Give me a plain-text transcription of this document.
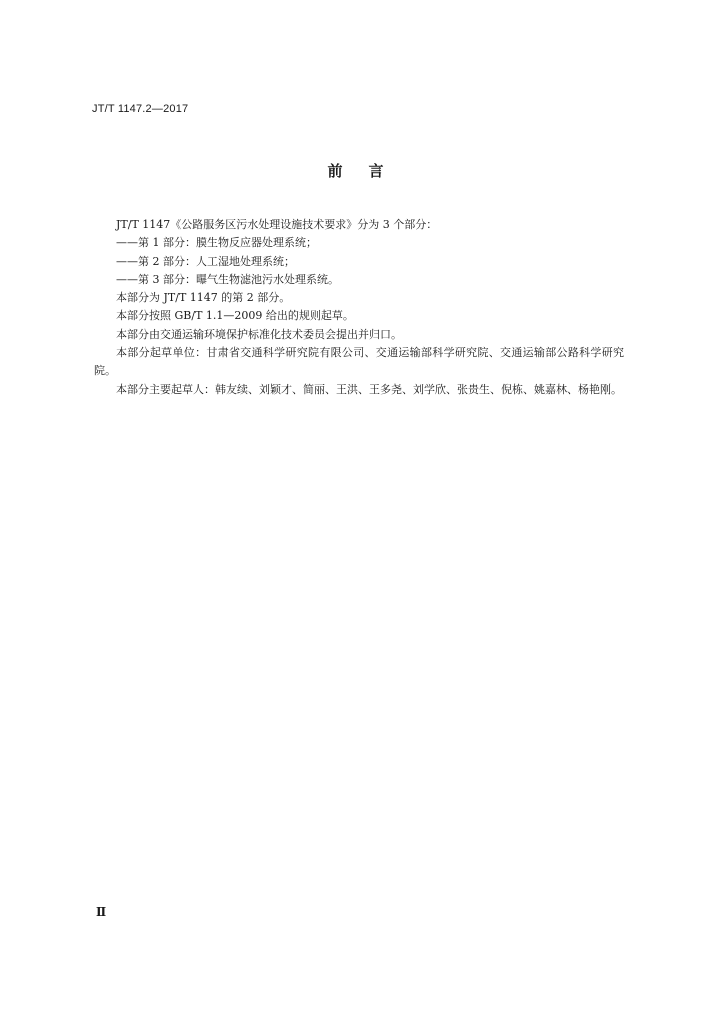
JT/T 1147.2—2017
前言

JT/T 1147《公路服务区污水处理设施技术要求》分为 3 个部分：

——第 1 部分：膜生物反应器处理系统；

——第 2 部分：人工湿地处理系统；

——第 3 部分：曝气生物滤池污水处理系统。

本部分为 JT/T 1147 的第 2 部分。

本部分按照 GB/T 1.1—2009 给出的规则起草。

本部分由交通运输环境保护标准化技术委员会提出并归口。

本部分起草单位：甘肃省交通科学研究院有限公司、交通运输部科学研究院、交通运输部公路科学研究院。

本部分主要起草人：韩友续、刘颖才、简丽、王洪、王多尧、刘学欣、张贵生、倪栋、姚嘉林、杨艳刚。

Ⅱ
